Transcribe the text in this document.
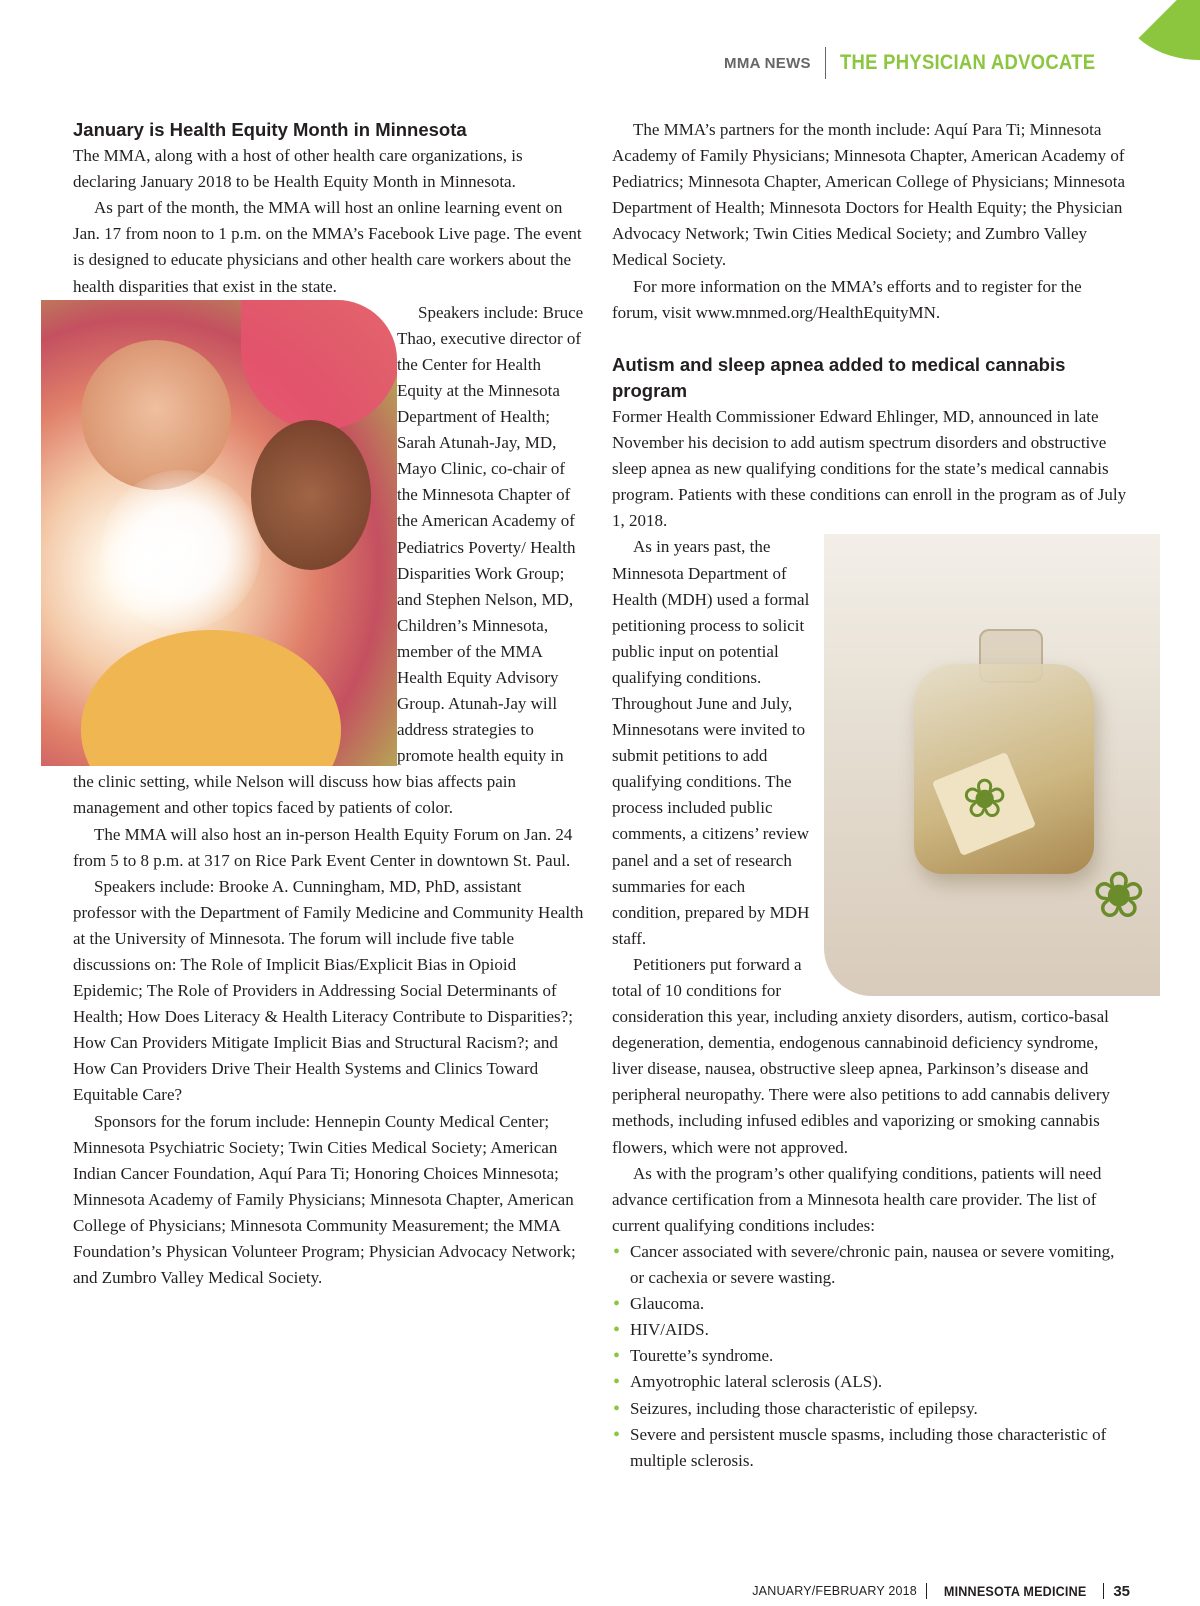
MMA NEWS THE PHYSICIAN ADVOCATE
January is Health Equity Month in Minnesota

The MMA, along with a host of other health care organizations, is declaring January 2018 to be Health Equity Month in Minnesota.

As part of the month, the MMA will host an online learning event on Jan. 17 from noon to 1 p.m. on the MMA’s Facebook Live page. The event is designed to educate physicians and other health care workers about the health disparities that exist in the state.

Speakers include: Bruce Thao, executive director of the Center for Health Equity at the Minnesota Department of Health; Sarah Atunah-Jay, MD, Mayo Clinic, co-chair of the Minnesota Chapter of the American Academy of Pediatrics Poverty/ Health Disparities Work Group; and Stephen Nelson, MD, Children’s Minnesota, member of the MMA Health Equity Advisory Group. Atunah-Jay will address strategies to promote health equity in the clinic setting, while Nelson will discuss how bias affects pain management and other topics faced by patients of color.

The MMA will also host an in-person Health Equity Forum on Jan. 24 from 5 to 8 p.m. at 317 on Rice Park Event Center in downtown St. Paul.

Speakers include: Brooke A. Cunningham, MD, PhD, assistant professor with the Department of Family Medicine and Community Health at the University of Minnesota. The forum will include five table discussions on: The Role of Implicit Bias/Explicit Bias in Opioid Epidemic; The Role of Providers in Addressing Social Determinants of Health; How Does Literacy & Health Literacy Contribute to Disparities?; How Can Providers Mitigate Implicit Bias and Structural Racism?; and How Can Providers Drive Their Health Systems and Clinics Toward Equitable Care?

Sponsors for the forum include: Hennepin County Medical Center; Minnesota Psychiatric Society; Twin Cities Medical Society; American Indian Cancer Foundation, Aquí Para Ti; Honoring Choices Minnesota; Minnesota Academy of Family Physicians; Minnesota Chapter, American College of Physicians; Minnesota Community Measurement; the MMA Foundation’s Physican Volunteer Program; Physician Advocacy Network; and Zumbro Valley Medical Society.

The MMA’s partners for the month include: Aquí Para Ti; Minnesota Academy of Family Physicians; Minnesota Chapter, American Academy of Pediatrics; Minnesota Chapter, American College of Physicians; Minnesota Department of Health; Minnesota Doctors for Health Equity; the Physician Advocacy Network; Twin Cities Medical Society; and Zumbro Valley Medical Society.

For more information on the MMA’s efforts and to register for the forum, visit www.mnmed.org/HealthEquityMN.

Autism and sleep apnea added to medical cannabis program

Former Health Commissioner Edward Ehlinger, MD, announced in late November his decision to add autism spectrum disorders and obstructive sleep apnea as new qualifying conditions for the state’s medical cannabis program. Patients with these conditions can enroll in the program as of July 1, 2018.

❀
❀

As in years past, the Minnesota Department of Health (MDH) used a formal petitioning process to solicit public input on potential qualifying conditions. Throughout June and July, Minnesotans were invited to submit petitions to add qualifying conditions. The process included public comments, a citizens’ review panel and a set of research summaries for each condition, prepared by MDH staff.

Petitioners put forward a total of 10 conditions for consideration this year, including anxiety disorders, autism, cortico-basal degeneration, dementia, endogenous cannabinoid deficiency syndrome, liver disease, nausea, obstructive sleep apnea, Parkinson’s disease and peripheral neuropathy. There were also petitions to add cannabis delivery methods, including infused edibles and vaporizing or smoking cannabis flowers, which were not approved.

As with the program’s other qualifying conditions, patients will need advance certification from a Minnesota health care provider. The list of current qualifying conditions includes:

• Cancer associated with severe/chronic pain, nausea or severe vomiting, or cachexia or severe wasting.
• Glaucoma.
• HIV/AIDS.
• Tourette’s syndrome.
• Amyotrophic lateral sclerosis (ALS).
• Seizures, including those characteristic of epilepsy.
• Severe and persistent muscle spasms, including those characteristic of multiple sclerosis.
JANUARY/FEBRUARY 2018 MINNESOTA MEDICINE 35
